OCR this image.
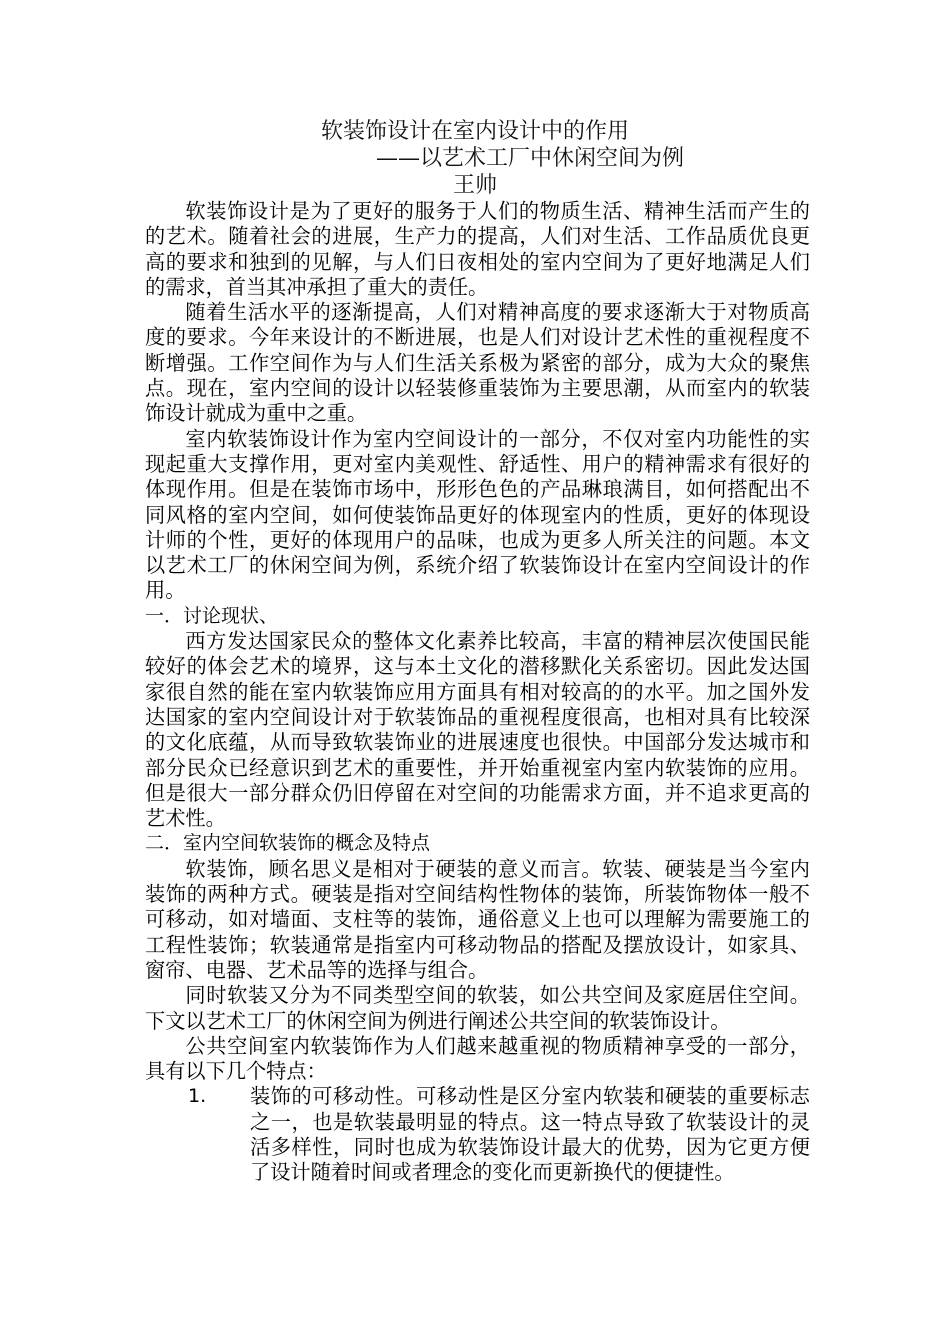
软装饰设计在室内设计中的作用
——以艺术工厂中休闲空间为例
王帅

软装饰设计是为了更好的服务于人们的物质生活、精神生活而产生的的艺术。随着社会的进展，生产力的提高，人们对生活、工作品质优良更高的要求和独到的见解，与人们日夜相处的室内空间为了更好地满足人们的需求，首当其冲承担了重大的责任。

随着生活水平的逐渐提高，人们对精神高度的要求逐渐大于对物质高度的要求。今年来设计的不断进展，也是人们对设计艺术性的重视程度不断增强。工作空间作为与人们生活关系极为紧密的部分，成为大众的聚焦点。现在，室内空间的设计以轻装修重装饰为主要思潮，从而室内的软装饰设计就成为重中之重。

室内软装饰设计作为室内空间设计的一部分，不仅对室内功能性的实现起重大支撑作用，更对室内美观性、舒适性、用户的精神需求有很好的体现作用。但是在装饰市场中，形形色色的产品琳琅满目，如何搭配出不同风格的室内空间，如何使装饰品更好的体现室内的性质，更好的体现设计师的个性，更好的体现用户的品味，也成为更多人所关注的问题。本文以艺术工厂的休闲空间为例，系统介绍了软装饰设计在室内空间设计的作用。

一．讨论现状、

西方发达国家民众的整体文化素养比较高，丰富的精神层次使国民能较好的体会艺术的境界，这与本土文化的潜移默化关系密切。因此发达国家很自然的能在室内软装饰应用方面具有相对较高的的水平。加之国外发达国家的室内空间设计对于软装饰品的重视程度很高，也相对具有比较深的文化底蕴，从而导致软装饰业的进展速度也很快。中国部分发达城市和部分民众已经意识到艺术的重要性，并开始重视室内室内软装饰的应用。但是很大一部分群众仍旧停留在对空间的功能需求方面，并不追求更高的艺术性。

二．室内空间软装饰的概念及特点

软装饰，顾名思义是相对于硬装的意义而言。软装、硬装是当今室内装饰的两种方式。硬装是指对空间结构性物体的装饰，所装饰物体一般不可移动，如对墙面、支柱等的装饰，通俗意义上也可以理解为需要施工的工程性装饰；软装通常是指室内可移动物品的搭配及摆放设计，如家具、窗帘、电器、艺术品等的选择与组合。

同时软装又分为不同类型空间的软装，如公共空间及家庭居住空间。下文以艺术工厂的休闲空间为例进行阐述公共空间的软装饰设计。

公共空间室内软装饰作为人们越来越重视的物质精神享受的一部分，具有以下几个特点：

1.	装饰的可移动性。可移动性是区分室内软装和硬装的重要标志之一，也是软装最明显的特点。这一特点导致了软装设计的灵活多样性，同时也成为软装饰设计最大的优势，因为它更方便了设计随着时间或者理念的变化而更新换代的便捷性。
